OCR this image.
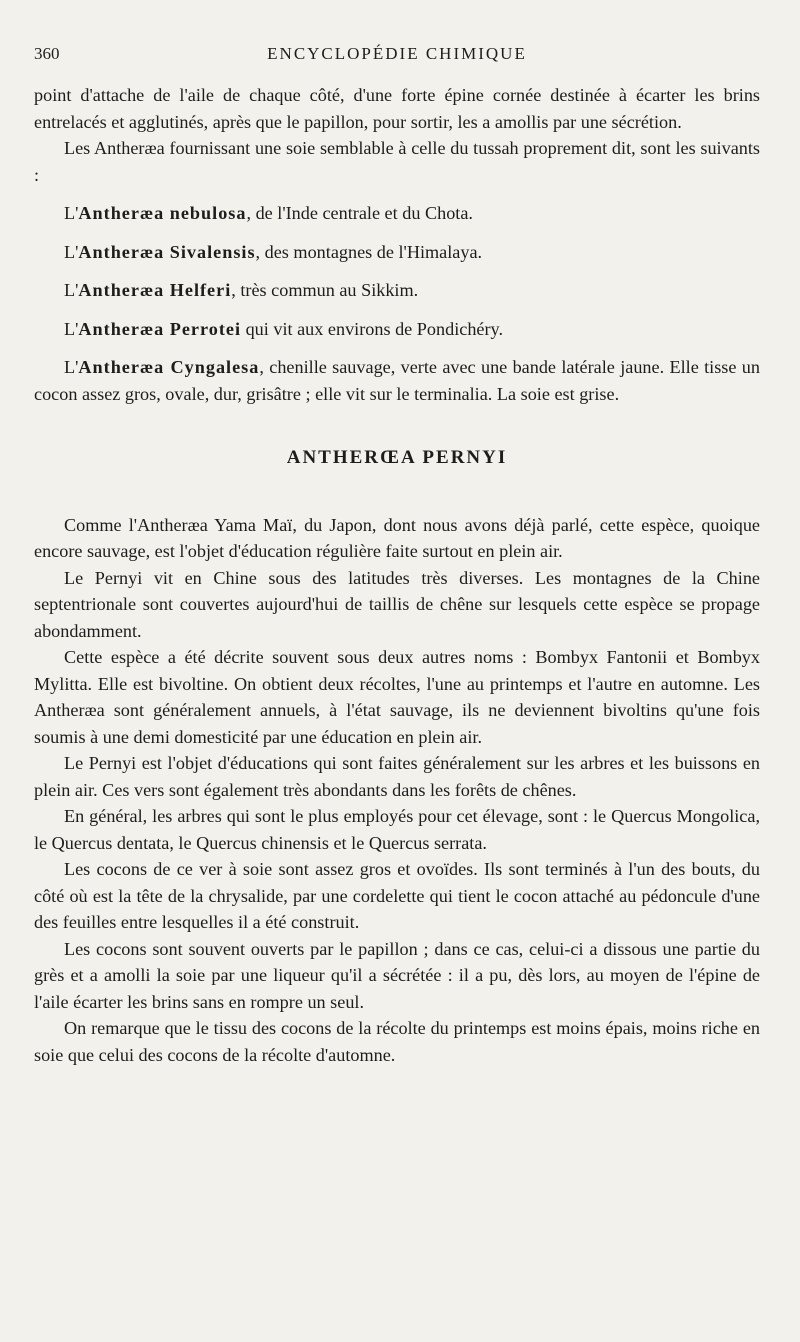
360	ENCYCLOPÉDIE CHIMIQUE

point d'attache de l'aile de chaque côté, d'une forte épine cornée destinée à écarter les brins entrelacés et agglutinés, après que le papillon, pour sortir, les a amollis par une sécrétion.

Les Antheræa fournissant une soie semblable à celle du tussah proprement dit, sont les suivants :

L'Antheræa nebulosa, de l'Inde centrale et du Chota.

L'Antheræa Sivalensis, des montagnes de l'Himalaya.

L'Antheræa Helferi, très commun au Sikkim.

L'Antheræa Perrotei qui vit aux environs de Pondichéry.

L'Antheræa Cyngalesa, chenille sauvage, verte avec une bande latérale jaune. Elle tisse un cocon assez gros, ovale, dur, grisâtre ; elle vit sur le terminalia. La soie est grise.

ANTHERŒA PERNYI

Comme l'Antheræa Yama Maï, du Japon, dont nous avons déjà parlé, cette espèce, quoique encore sauvage, est l'objet d'éducation régulière faite surtout en plein air.

Le Pernyi vit en Chine sous des latitudes très diverses. Les montagnes de la Chine septentrionale sont couvertes aujourd'hui de taillis de chêne sur lesquels cette espèce se propage abondamment.

Cette espèce a été décrite souvent sous deux autres noms : Bombyx Fantonii et Bombyx Mylitta. Elle est bivoltine. On obtient deux récoltes, l'une au printemps et l'autre en automne. Les Antheræa sont généralement annuels, à l'état sauvage, ils ne deviennent bivoltins qu'une fois soumis à une demi domesticité par une éducation en plein air.

Le Pernyi est l'objet d'éducations qui sont faites généralement sur les arbres et les buissons en plein air. Ces vers sont également très abondants dans les forêts de chênes.

En général, les arbres qui sont le plus employés pour cet élevage, sont : le Quercus Mongolica, le Quercus dentata, le Quercus chinensis et le Quercus serrata.

Les cocons de ce ver à soie sont assez gros et ovoïdes. Ils sont terminés à l'un des bouts, du côté où est la tête de la chrysalide, par une cordelette qui tient le cocon attaché au pédoncule d'une des feuilles entre lesquelles il a été construit.

Les cocons sont souvent ouverts par le papillon ; dans ce cas, celui-ci a dissous une partie du grès et a amolli la soie par une liqueur qu'il a sécrétée : il a pu, dès lors, au moyen de l'épine de l'aile écarter les brins sans en rompre un seul.

On remarque que le tissu des cocons de la récolte du printemps est moins épais, moins riche en soie que celui des cocons de la récolte d'automne.
